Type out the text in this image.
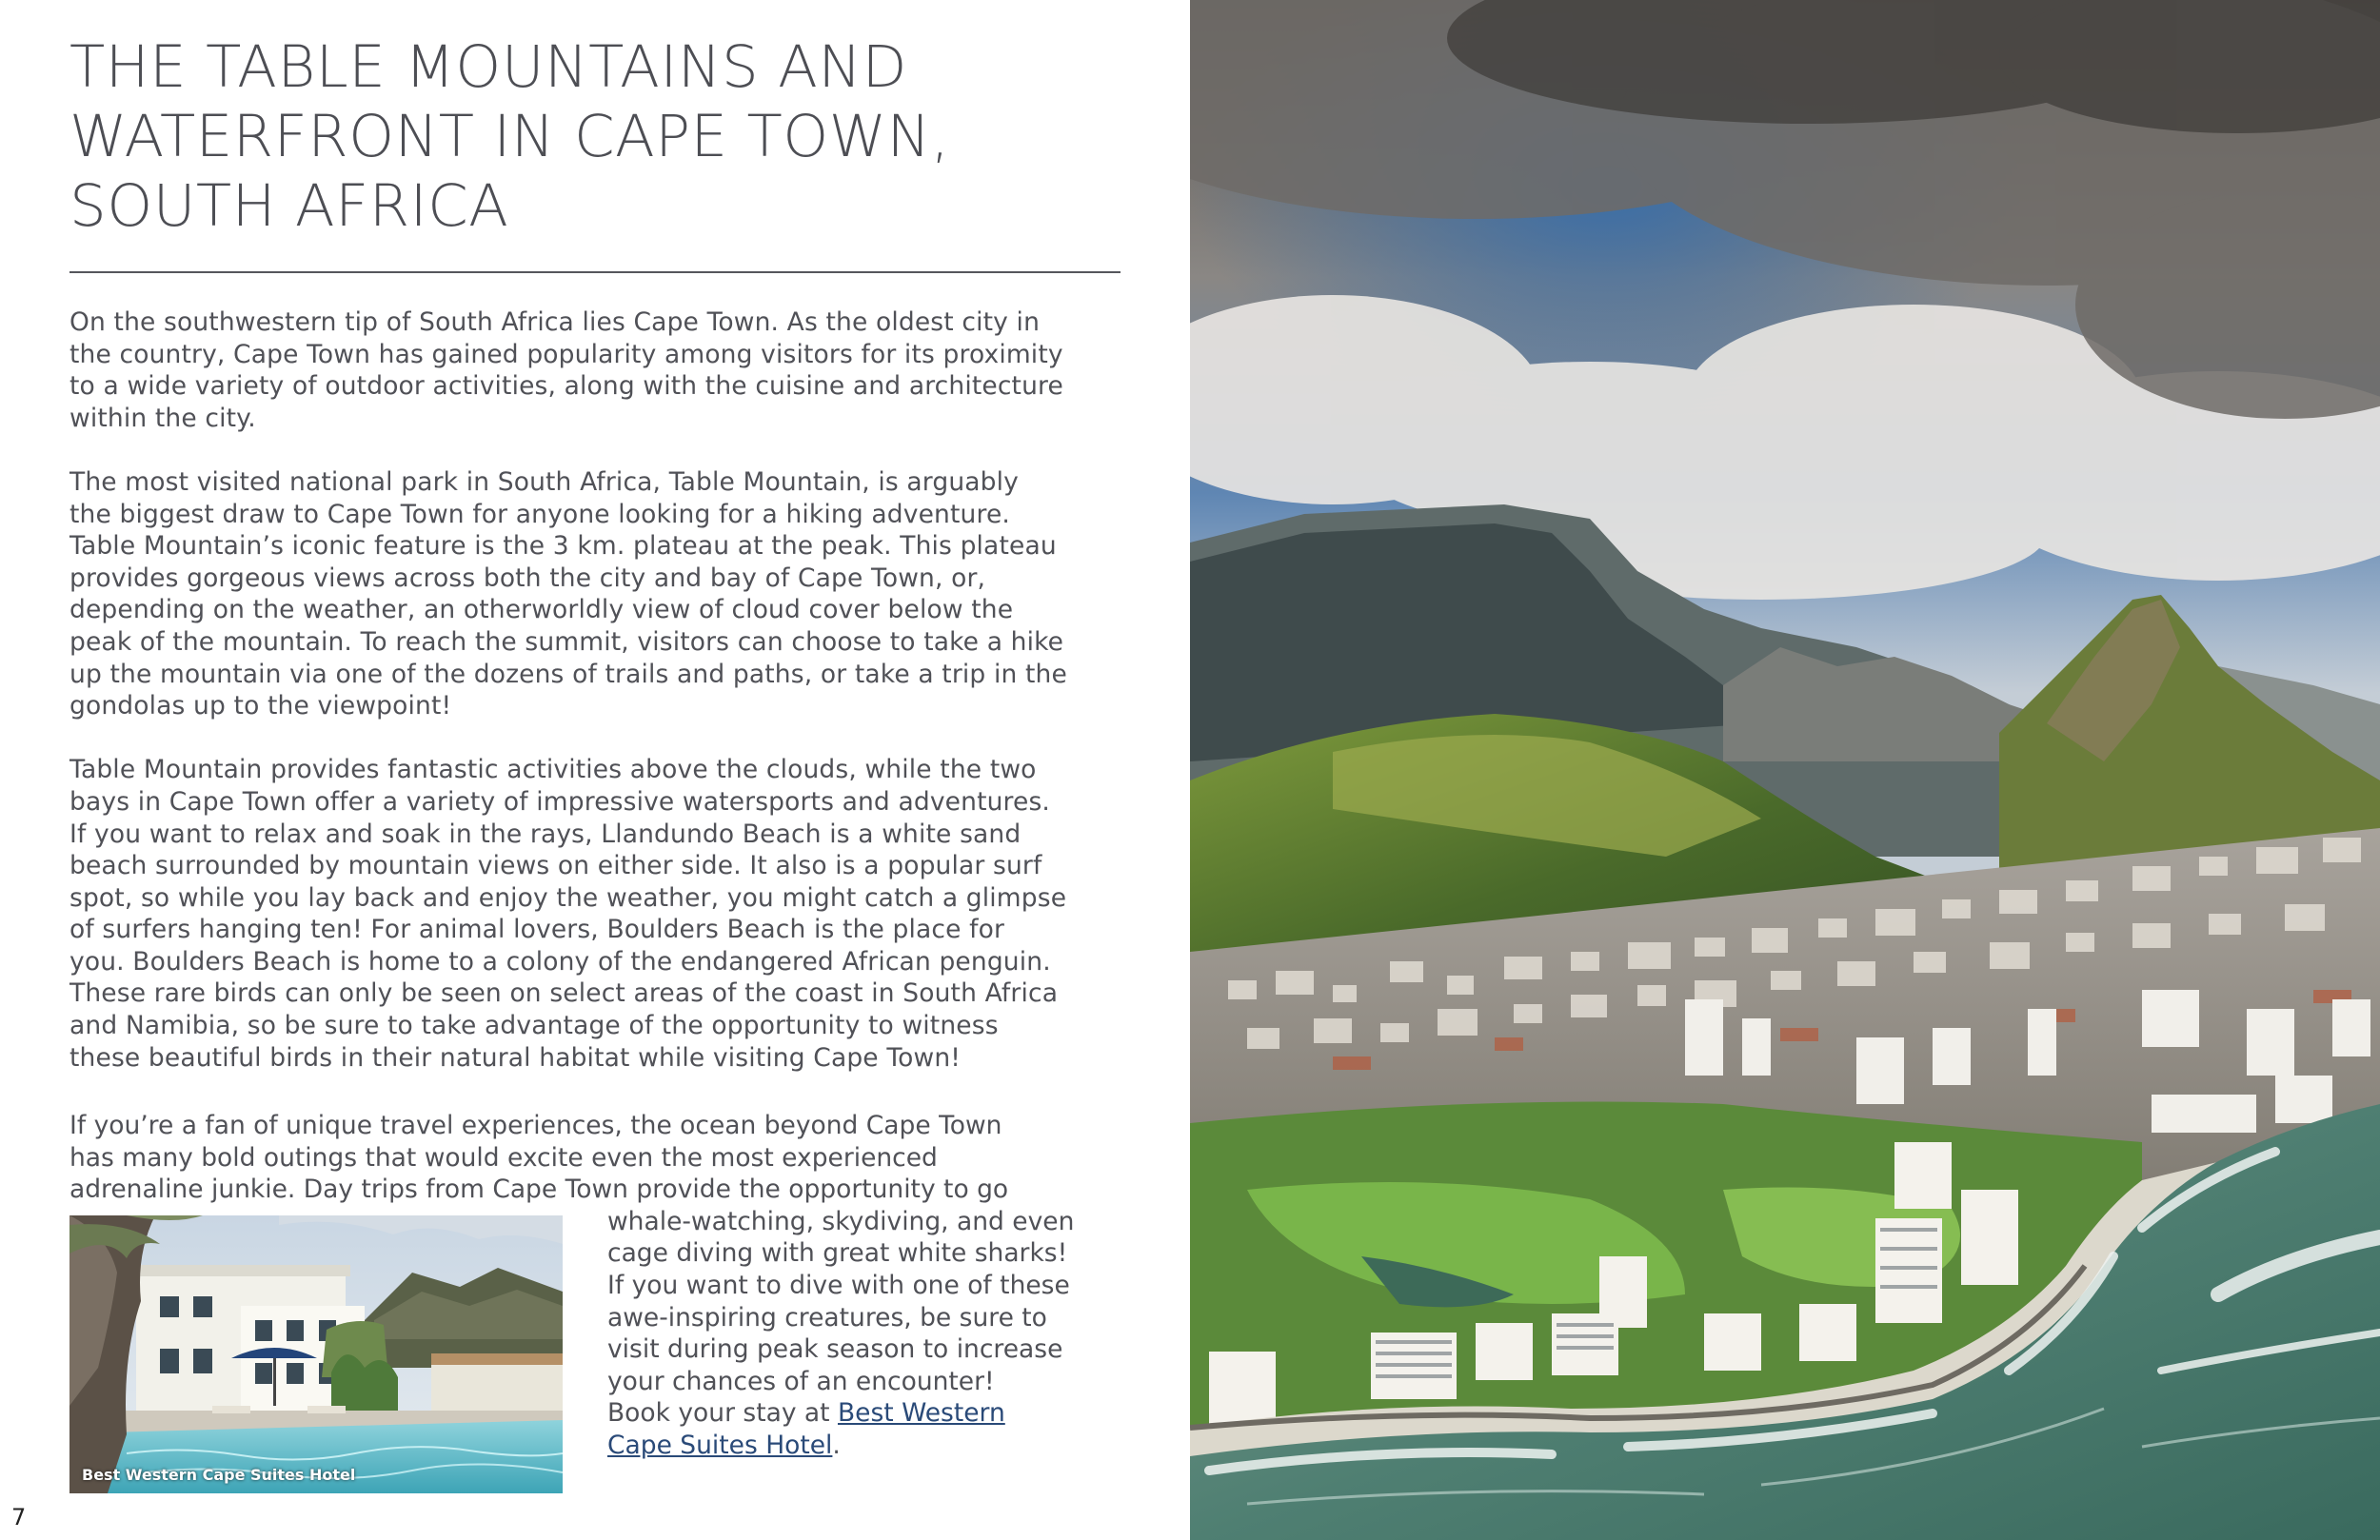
THE TABLE MOUNTAINS AND
WATERFRONT IN CAPE TOWN,
SOUTH AFRICA

On the southwestern tip of South Africa lies Cape Town. As the oldest city in
the country, Cape Town has gained popularity among visitors for its proximity
to a wide variety of outdoor activities, along with the cuisine and architecture
within the city.

The most visited national park in South Africa, Table Mountain, is arguably
the biggest draw to Cape Town for anyone looking for a hiking adventure.
Table Mountain’s iconic feature is the 3 km. plateau at the peak. This plateau
provides gorgeous views across both the city and bay of Cape Town, or,
depending on the weather, an otherworldly view of cloud cover below the
peak of the mountain. To reach the summit, visitors can choose to take a hike
up the mountain via one of the dozens of trails and paths, or take a trip in the
gondolas up to the viewpoint!

Table Mountain provides fantastic activities above the clouds, while the two
bays in Cape Town offer a variety of impressive watersports and adventures.
If you want to relax and soak in the rays, Llandundo Beach is a white sand
beach surrounded by mountain views on either side. It also is a popular surf
spot, so while you lay back and enjoy the weather, you might catch a glimpse
of surfers hanging ten! For animal lovers, Boulders Beach is the place for
you. Boulders Beach is home to a colony of the endangered African penguin.
These rare birds can only be seen on select areas of the coast in South Africa
and Namibia, so be sure to take advantage of the opportunity to witness
these beautiful birds in their natural habitat while visiting Cape Town!

If you’re a fan of unique travel experiences, the ocean beyond Cape Town
has many bold outings that would excite even the most experienced
adrenaline junkie. Day trips from Cape Town provide the opportunity to go
whale-watching, skydiving, and even
cage diving with great white sharks!
If you want to dive with one of these
awe-inspiring creatures, be sure to
visit during peak season to increase
your chances of an encounter!
Book your stay at Best Western
Cape Suites Hotel.
Best Western Cape Suites Hotel
7
